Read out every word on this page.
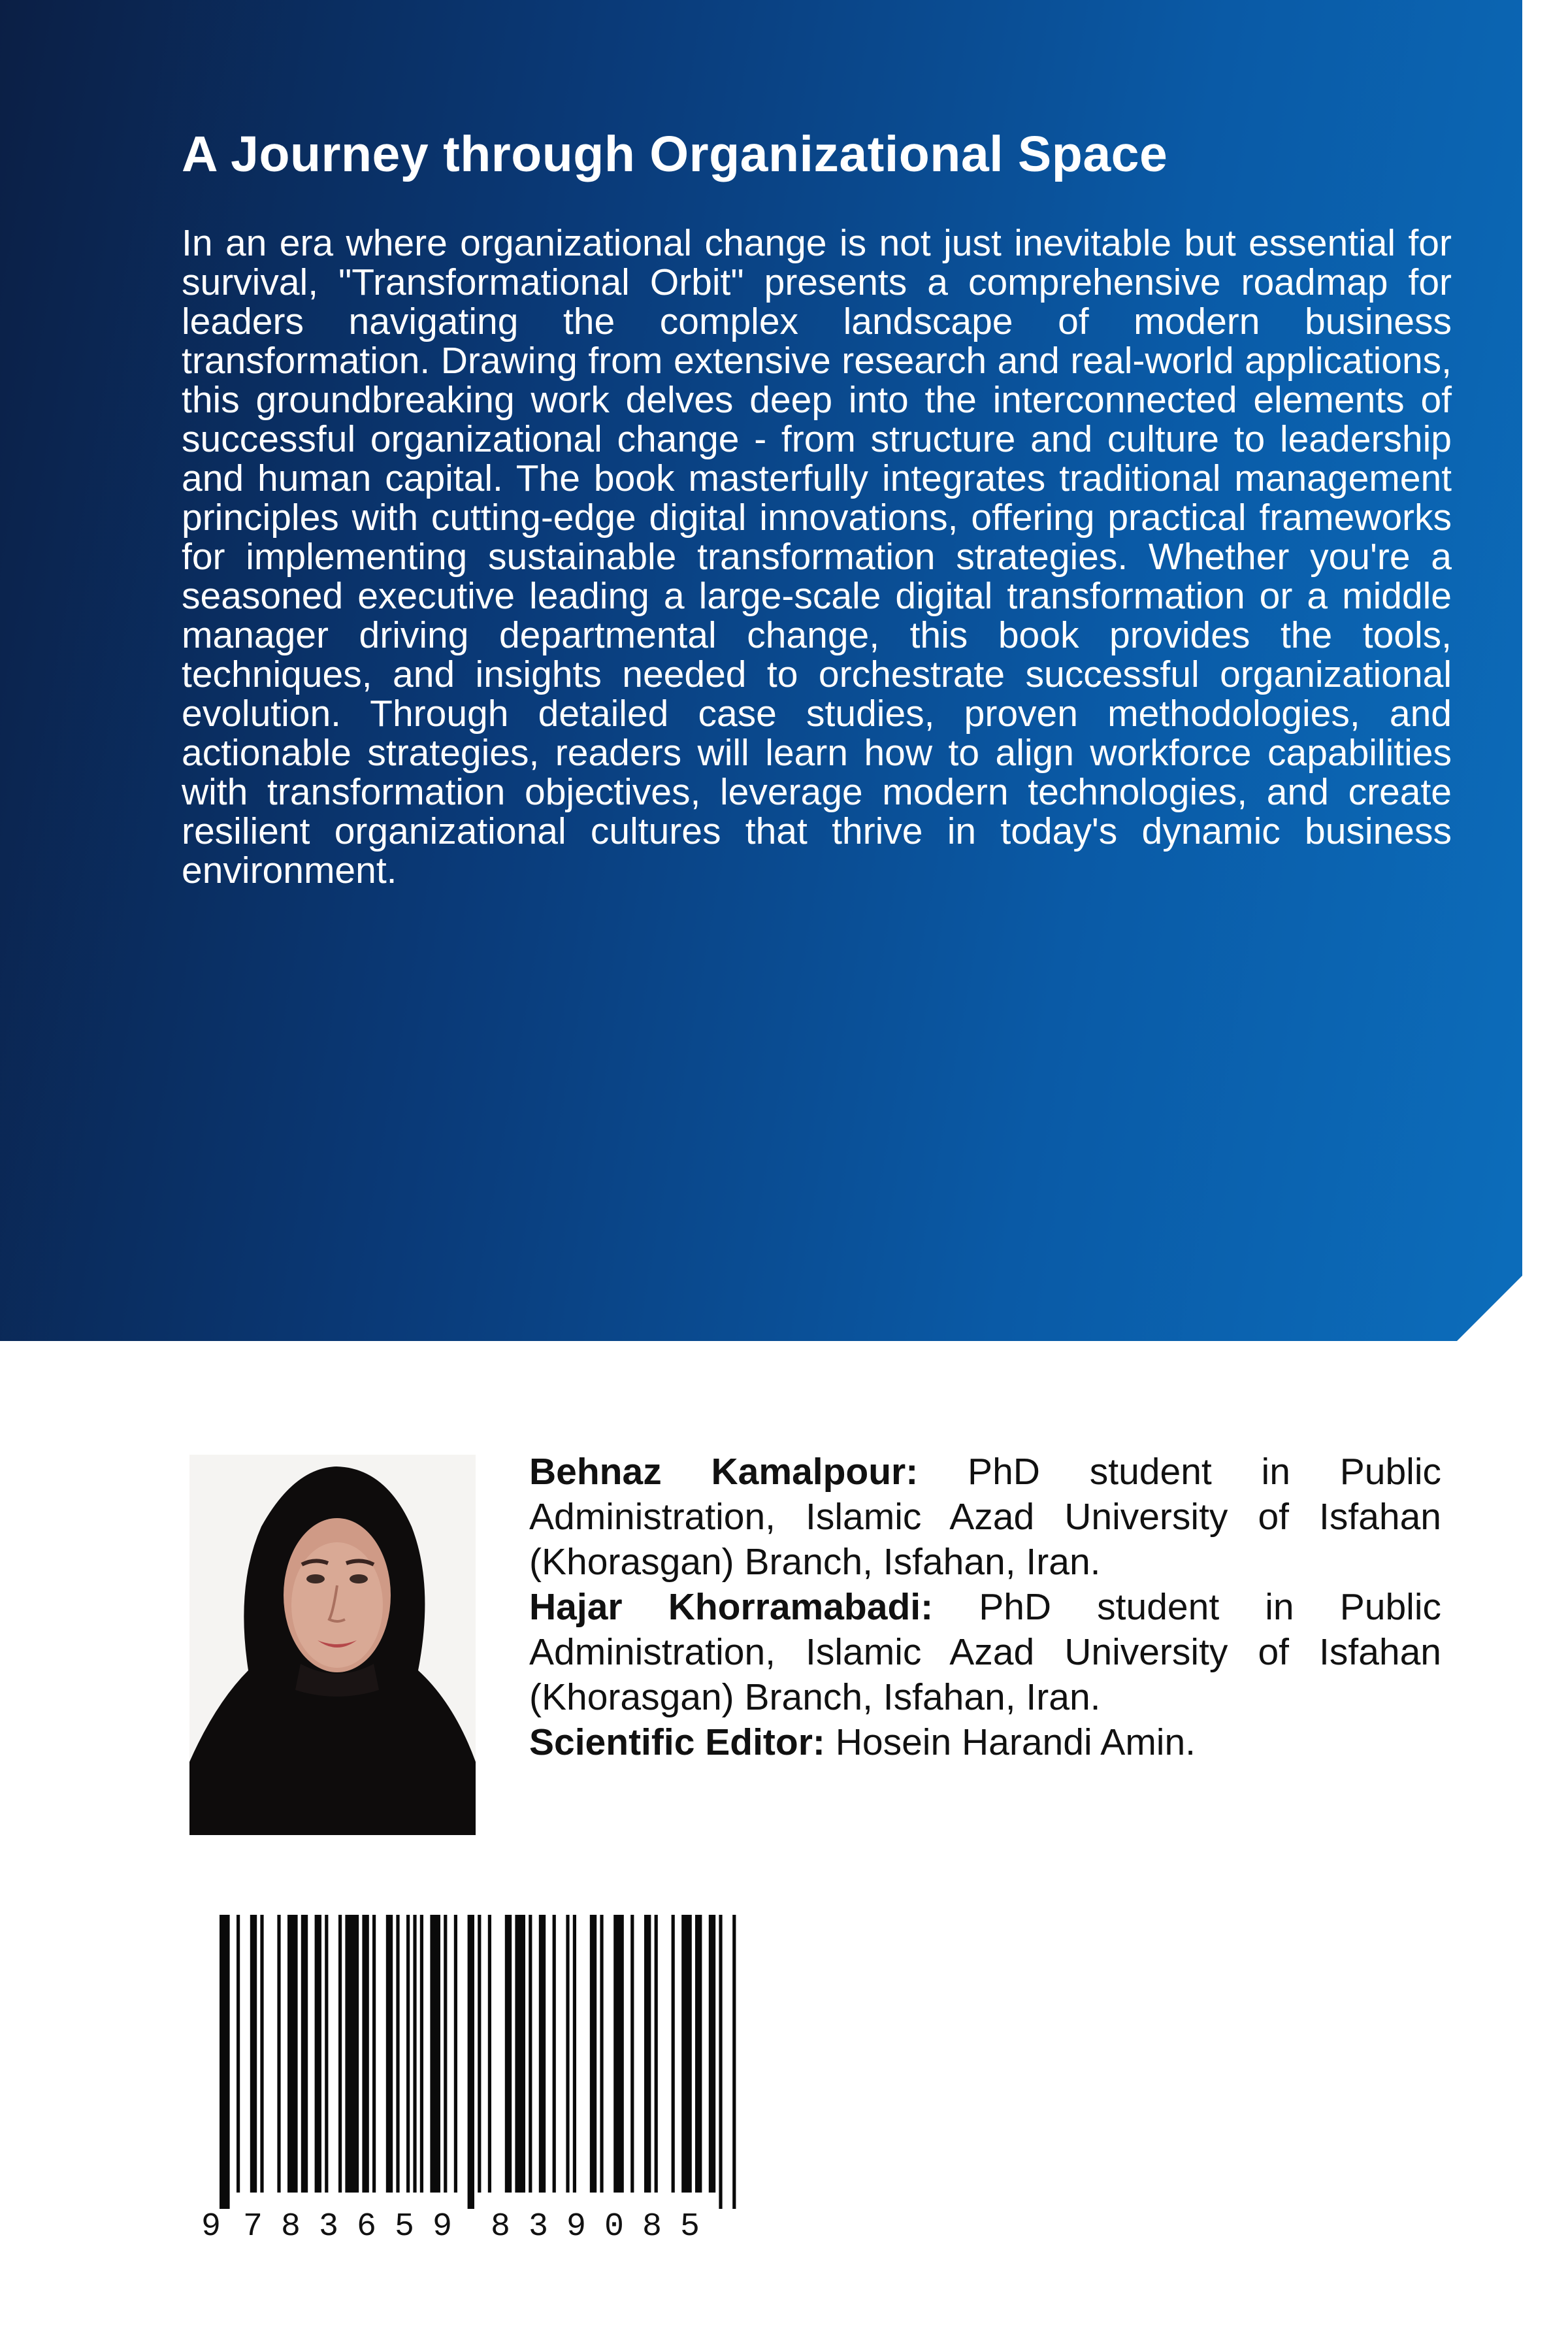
A Journey through Organizational Space

In an era where organizational change is not just inevitable but essential for survival, "Transformational Orbit" presents a comprehensive roadmap for leaders navigating the complex landscape of modern business transformation. Drawing from extensive research and real-world applications, this groundbreaking work delves deep into the interconnected elements of successful organizational change - from structure and culture to leadership and human capital. The book masterfully integrates traditional management principles with cutting-edge digital innovations, offering practical frameworks for implementing sustainable transformation strategies. Whether you're a seasoned executive leading a large-scale digital transformation or a middle manager driving departmental change, this book provides the tools, techniques, and insights needed to orchestrate successful organizational evolution. Through detailed case studies, proven methodologies, and actionable strategies, readers will learn how to align workforce capabilities with transformation objectives, leverage modern technologies, and create resilient organizational cultures that thrive in today's dynamic business environment.

Behnaz Kamalpour: PhD student in Public Administration, Islamic Azad University of Isfahan (Khorasgan) Branch, Isfahan, Iran.

Hajar Khorramabadi: PhD student in Public Administration, Islamic Azad University of Isfahan (Khorasgan) Branch, Isfahan, Iran.

Scientific Editor: Hosein Harandi Amin.

9 783659 839085
